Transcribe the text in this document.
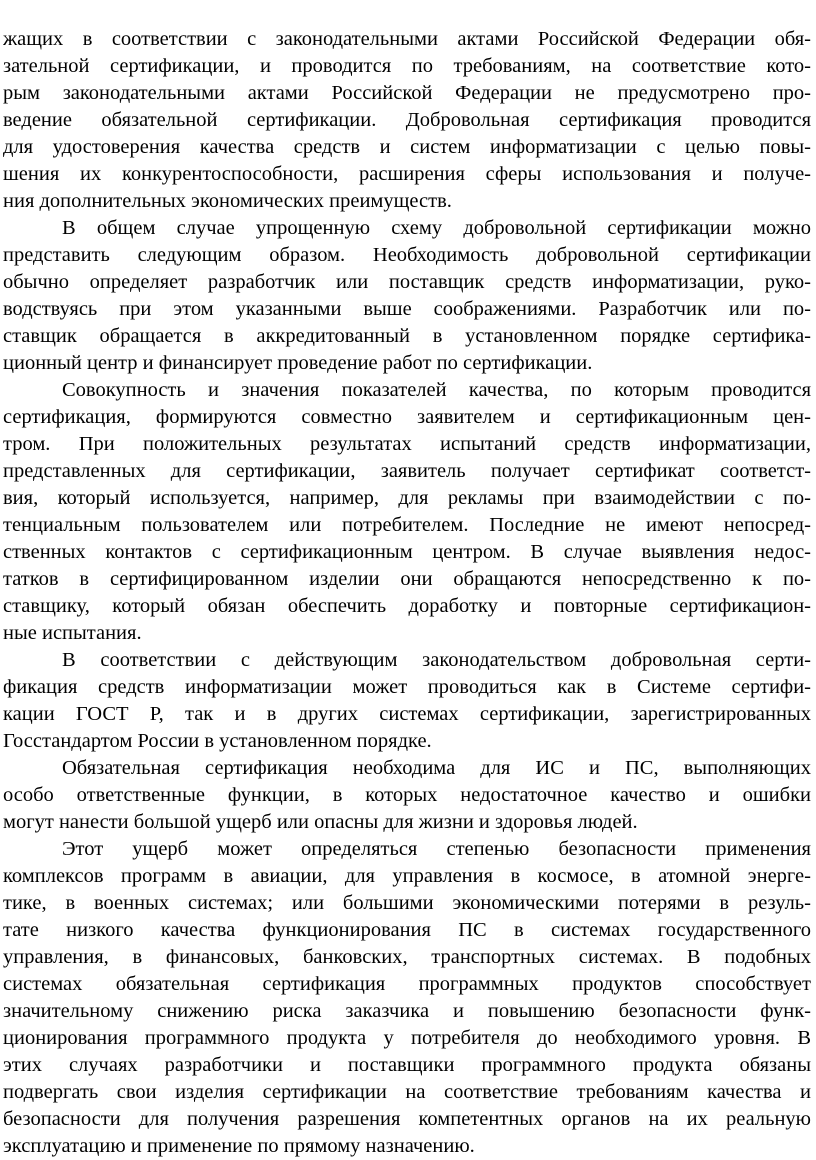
жащих в соответствии с законодательными актами Российской Федерации обя-
зательной сертификации, и проводится по требованиям, на соответствие кото-
рым законодательными актами Российской Федерации не предусмотрено про-
ведение обязательной сертификации. Добровольная сертификация проводится
для удостоверения качества средств и систем информатизации с целью повы-
шения их конкурентоспособности, расширения сферы использования и получе-
ния дополнительных экономических преимуществ.
В общем случае упрощенную схему добровольной сертификации можно
представить следующим образом. Необходимость добровольной сертификации
обычно определяет разработчик или поставщик средств информатизации, руко-
водствуясь при этом указанными выше соображениями. Разработчик или по-
ставщик обращается в аккредитованный в установленном порядке сертифика-
ционный центр и финансирует проведение работ по сертификации.
Совокупность и значения показателей качества, по которым проводится
сертификация, формируются совместно заявителем и сертификационным цен-
тром. При положительных результатах испытаний средств информатизации,
представленных для сертификации, заявитель получает сертификат соответст-
вия, который используется, например, для рекламы при взаимодействии с по-
тенциальным пользователем или потребителем. Последние не имеют непосред-
ственных контактов с сертификационным центром. В случае выявления недос-
татков в сертифицированном изделии они обращаются непосредственно к по-
ставщику, который обязан обеспечить доработку и повторные сертификацион-
ные испытания.
В соответствии с действующим законодательством добровольная серти-
фикация средств информатизации может проводиться как в Системе сертифи-
кации ГОСТ Р, так и в других системах сертификации, зарегистрированных
Госстандартом России в установленном порядке.
Обязательная сертификация необходима для ИС и ПС, выполняющих
особо ответственные функции, в которых недостаточное качество и ошибки
могут нанести большой ущерб или опасны для жизни и здоровья людей.
Этот ущерб может определяться степенью безопасности применения
комплексов программ в авиации, для управления в космосе, в атомной энерге-
тике, в военных системах; или большими экономическими потерями в резуль-
тате низкого качества функционирования ПС в системах государственного
управления, в финансовых, банковских, транспортных системах. В подобных
системах обязательная сертификация программных продуктов способствует
значительному снижению риска заказчика и повышению безопасности функ-
ционирования программного продукта у потребителя до необходимого уровня. В
этих случаях разработчики и поставщики программного продукта обязаны
подвергать свои изделия сертификации на соответствие требованиям качества и
безопасности для получения разрешения компетентных органов на их реальную
эксплуатацию и применение по прямому назначению.
